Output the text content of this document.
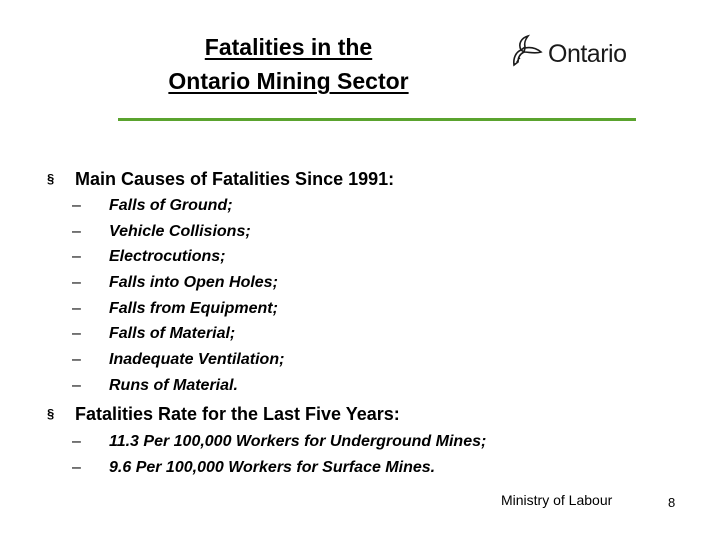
Fatalities in the
Ontario Mining Sector
Ontario
§ Main Causes of Fatalities Since 1991:
– Falls of Ground;
– Vehicle Collisions;
– Electrocutions;
– Falls into Open Holes;
– Falls from Equipment;
– Falls of Material;
– Inadequate Ventilation;
– Runs of Material.
§ Fatalities Rate for the Last Five Years:
– 11.3 Per 100,000 Workers for Underground Mines;
– 9.6 Per 100,000 Workers for Surface Mines.
Ministry of Labour	8
